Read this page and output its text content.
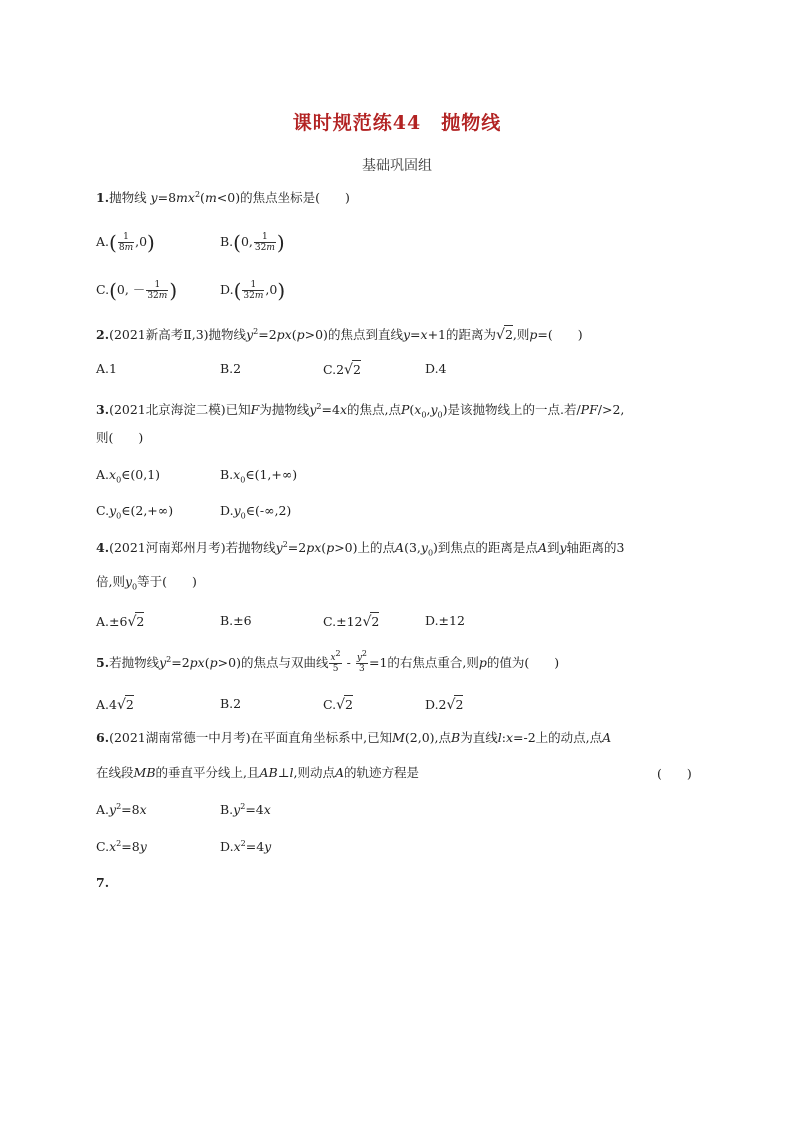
课时规范练44　抛物线
基础巩固组
1.抛物线 $y=8mx^2(m<0)$的焦点坐标是(　　)
$A.( \frac{1}{8m} ,0)$	B.(0, $\frac{1}{32m}$ )
C.(0, － $\frac{1}{32m}$ )	$D.( \frac{1}{32m} ,0)$
2.(2021新高考Ⅱ,3)抛物线$y^2=2px(p>0)$的焦点到直线y=x+1的距离为√2,则p=(　　)
A.1	B.2	C.2√2	D.4
3.(2021北京海淀二模)已知F为抛物线$y^2=4x$的焦点,点$P(x_0,y_0)$是该抛物线上的一点.若/PF/>2,
则(　　)
$A.x_0\in(0,1)$	$B.x_0\in(1,+\infty)$
$C.y_0\in(2,+\infty)$	$D.y_0\in(-\infty,2)$
4.(2021河南郑州月考)若抛物线$y^2=2px(p>0)$上的点$A(3,y_0)$到焦点的距离是点A到y轴距离的3
倍,则$y_0$等于(　　)
A.±6√2	B.±6	C.±12√2	D.±12
5.若抛物线$y^2=2px(p>0)$的焦点与双曲线 $\frac{x^2}{5} - \frac{y^2}{3} =1$的右焦点重合,则p的值为(　　)
A.4√2	B.2	C.√2	D.2√2
6.(2021湖南常德一中月考)在平面直角坐标系中,已知M(2,0),点B为直线l:x=-2上的动点,点A
在线段MB的垂直平分线上,且AB⊥l,则动点A的轨迹方程是	(　　)
$A.y^2=8x$	$B.y^2=4x$
$C.x^2=8y$	$D.x^2=4y$
7.
